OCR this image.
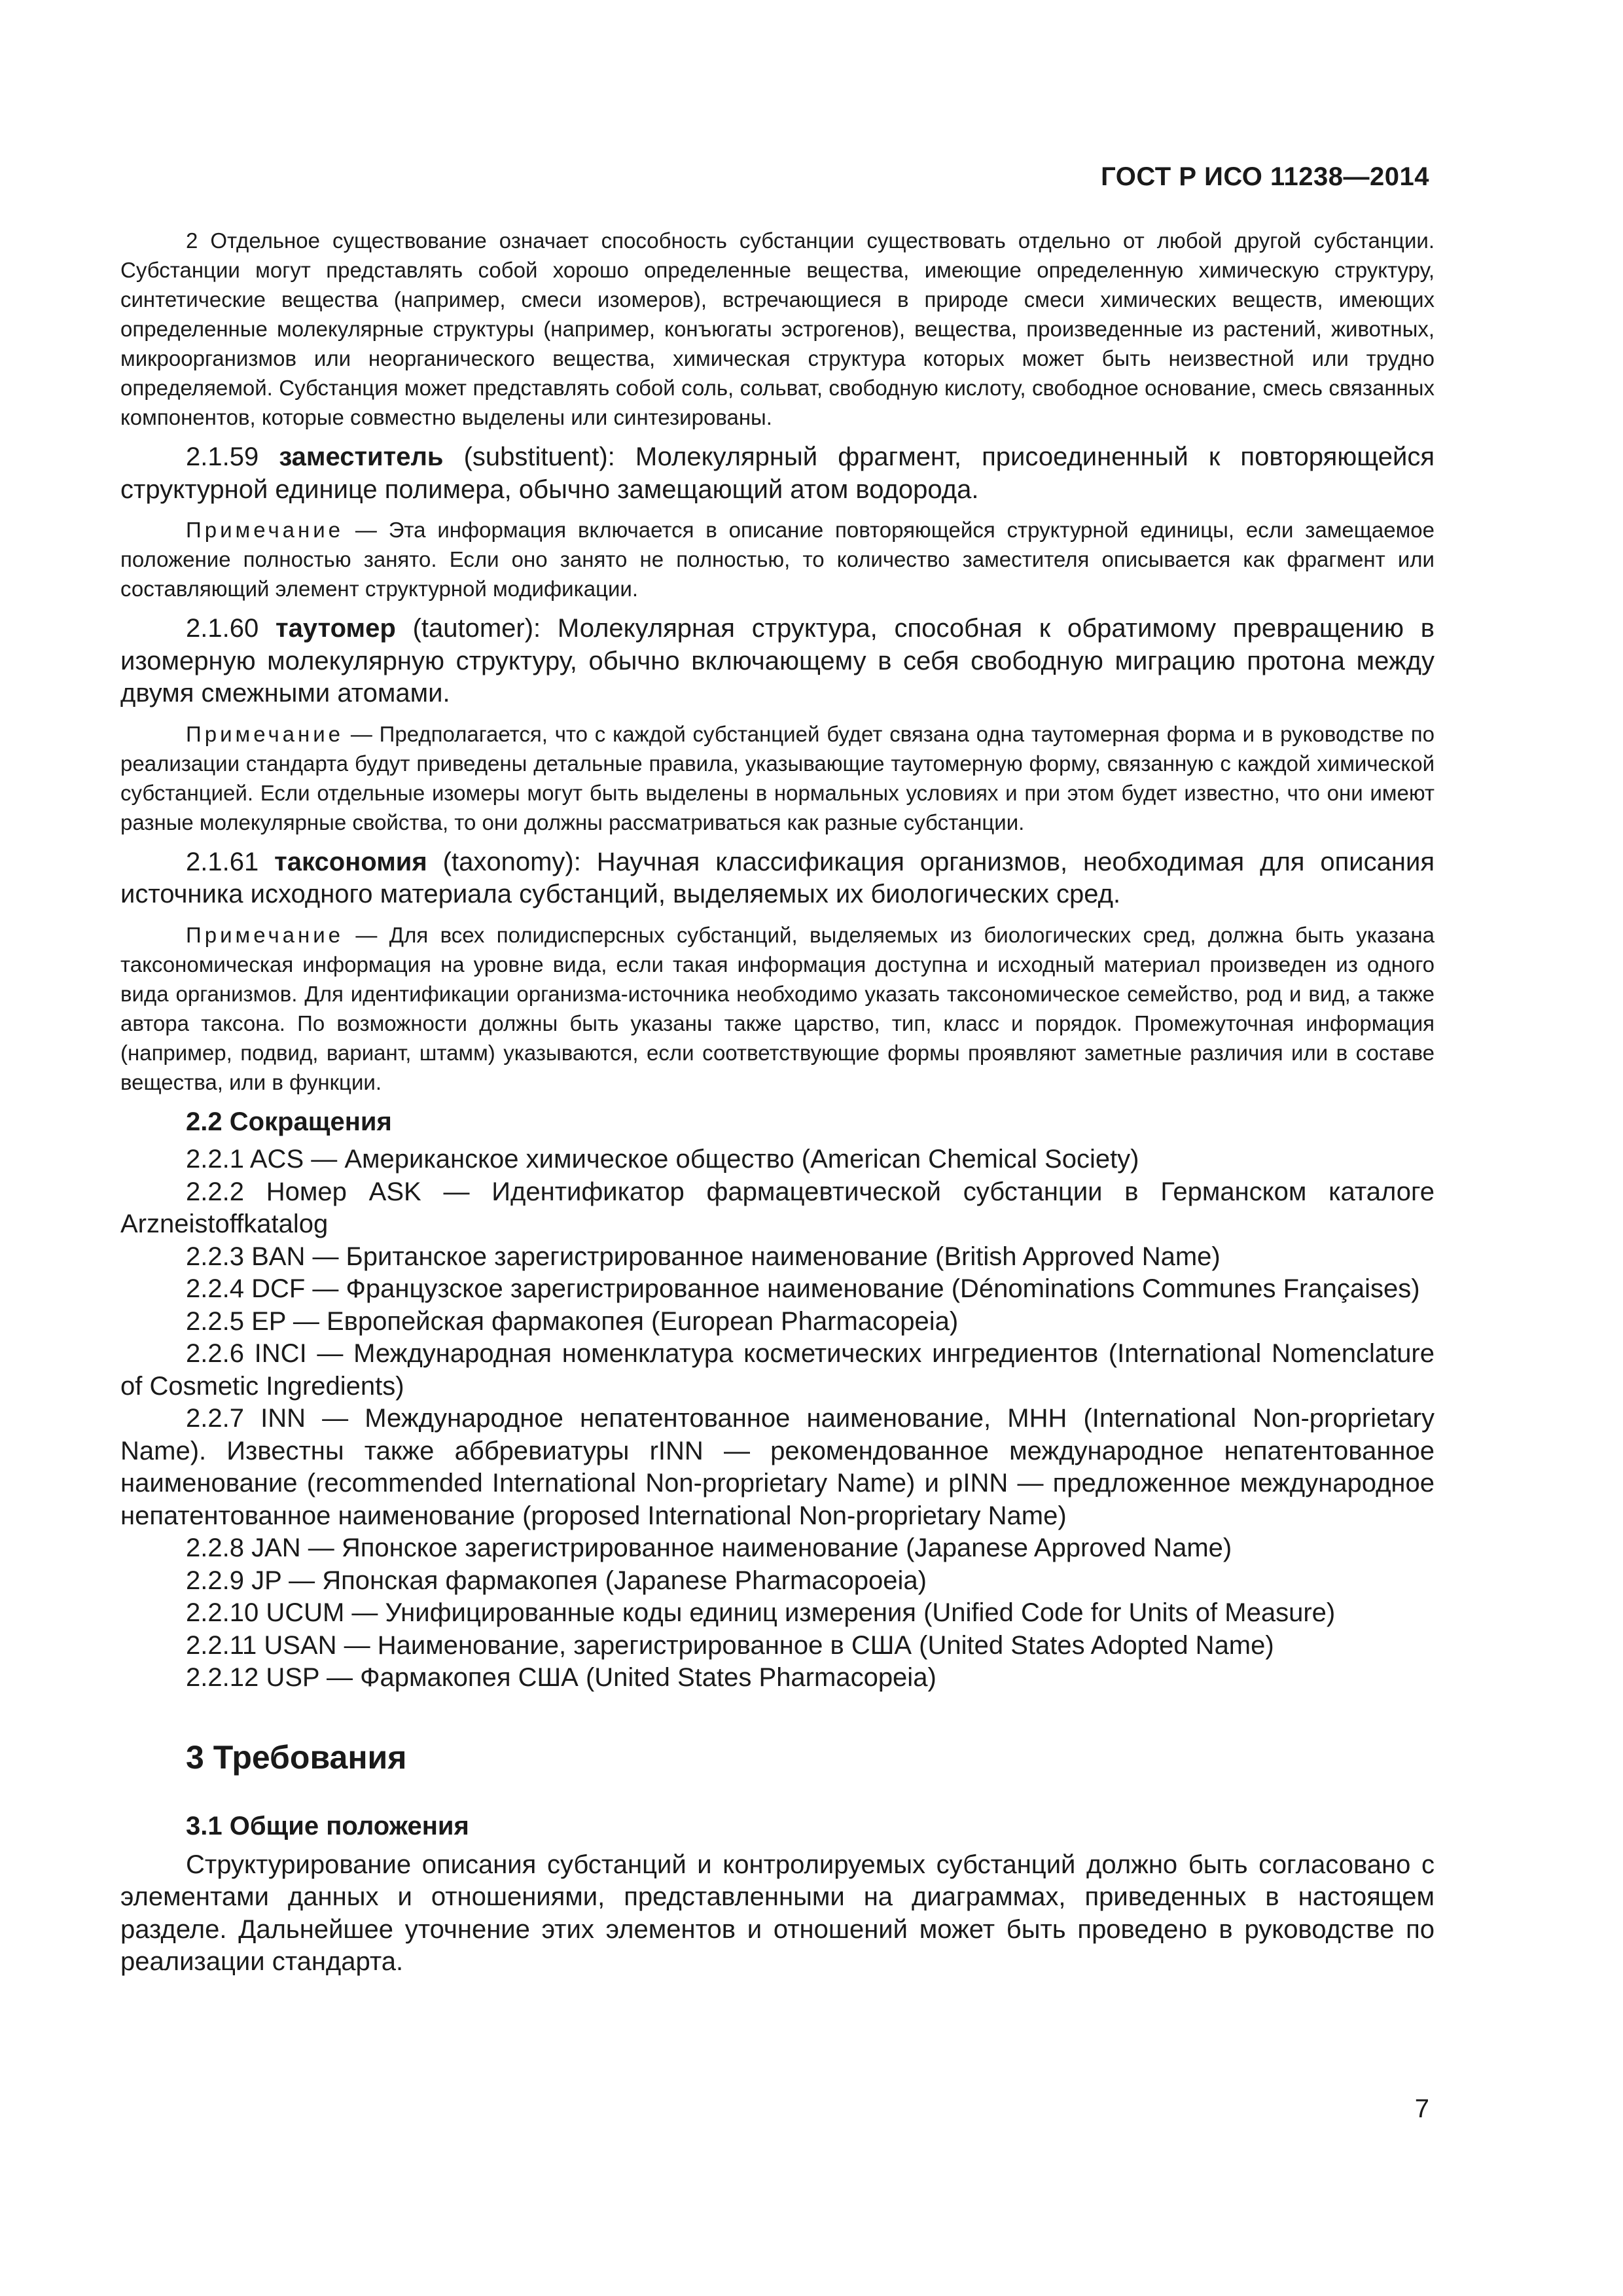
ГОСТ Р ИСО 11238—2014

2 Отдельное существование означает способность субстанции существовать отдельно от любой другой субстанции. Субстанции могут представлять собой хорошо определенные вещества, имеющие определенную химическую структуру, синтетические вещества (например, смеси изомеров), встречающиеся в природе смеси химических веществ, имеющих определенные молекулярные структуры (например, конъюгаты эстрогенов), вещества, произведенные из растений, животных, микроорганизмов или неорганического вещества, химическая структура которых может быть неизвестной или трудно определяемой. Субстанция может представлять собой соль, сольват, свободную кислоту, свободное основание, смесь связанных компонентов, которые совместно выделены или синтезированы.

2.1.59 заместитель (substituent): Молекулярный фрагмент, присоединенный к повторяющейся структурной единице полимера, обычно замещающий атом водорода.

Примечание — Эта информация включается в описание повторяющейся структурной единицы, если замещаемое положение полностью занято. Если оно занято не полностью, то количество заместителя описывается как фрагмент или составляющий элемент структурной модификации.

2.1.60 таутомер (tautomer): Молекулярная структура, способная к обратимому превращению в изомерную молекулярную структуру, обычно включающему в себя свободную миграцию протона между двумя смежными атомами.

Примечание — Предполагается, что с каждой субстанцией будет связана одна таутомерная форма и в руководстве по реализации стандарта будут приведены детальные правила, указывающие таутомерную форму, связанную с каждой химической субстанцией. Если отдельные изомеры могут быть выделены в нормальных условиях и при этом будет известно, что они имеют разные молекулярные свойства, то они должны рассматриваться как разные субстанции.

2.1.61 таксономия (taxonomy): Научная классификация организмов, необходимая для описания источника исходного материала субстанций, выделяемых их биологических сред.

Примечание — Для всех полидисперсных субстанций, выделяемых из биологических сред, должна быть указана таксономическая информация на уровне вида, если такая информация доступна и исходный материал произведен из одного вида организмов. Для идентификации организма-источника необходимо указать таксономическое семейство, род и вид, а также автора таксона. По возможности должны быть указаны также царство, тип, класс и порядок. Промежуточная информация (например, подвид, вариант, штамм) указываются, если соответствующие формы проявляют заметные различия или в составе вещества, или в функции.

2.2 Сокращения

2.2.1 ACS — Американское химическое общество (American Chemical Society)

2.2.2 Номер ASK — Идентификатор фармацевтической субстанции в Германском каталоге Arzneistoffkatalog

2.2.3 BAN — Британское зарегистрированное наименование (British Approved Name)

2.2.4 DCF — Французское зарегистрированное наименование (Dénominations Communes Françaises)

2.2.5 EP — Европейская фармакопея (European Pharmacopeia)

2.2.6 INCI — Международная номенклатура косметических ингредиентов (International Nomenclature of Cosmetic Ingredients)

2.2.7 INN — Международное непатентованное наименование, МНН (International Non-proprietary Name). Известны также аббревиатуры rINN — рекомендованное международное непатентованное наименование (recommended International Non-proprietary Name) и pINN — предложенное международное непатентованное наименование (proposed International Non-proprietary Name)

2.2.8 JAN — Японское зарегистрированное наименование (Japanese Approved Name)

2.2.9 JP — Японская фармакопея (Japanese Pharmacopoeia)

2.2.10 UCUM — Унифицированные коды единиц измерения (Unified Code for Units of Measure)

2.2.11 USAN — Наименование, зарегистрированное в США (United States Adopted Name)

2.2.12 USP — Фармакопея США (United States Pharmacopeia)

3 Требования
3.1 Общие положения

Структурирование описания субстанций и контролируемых субстанций должно быть согласовано с элементами данных и отношениями, представленными на диаграммах, приведенных в настоящем разделе. Дальнейшее уточнение этих элементов и отношений может быть проведено в руководстве по реализации стандарта.

7
